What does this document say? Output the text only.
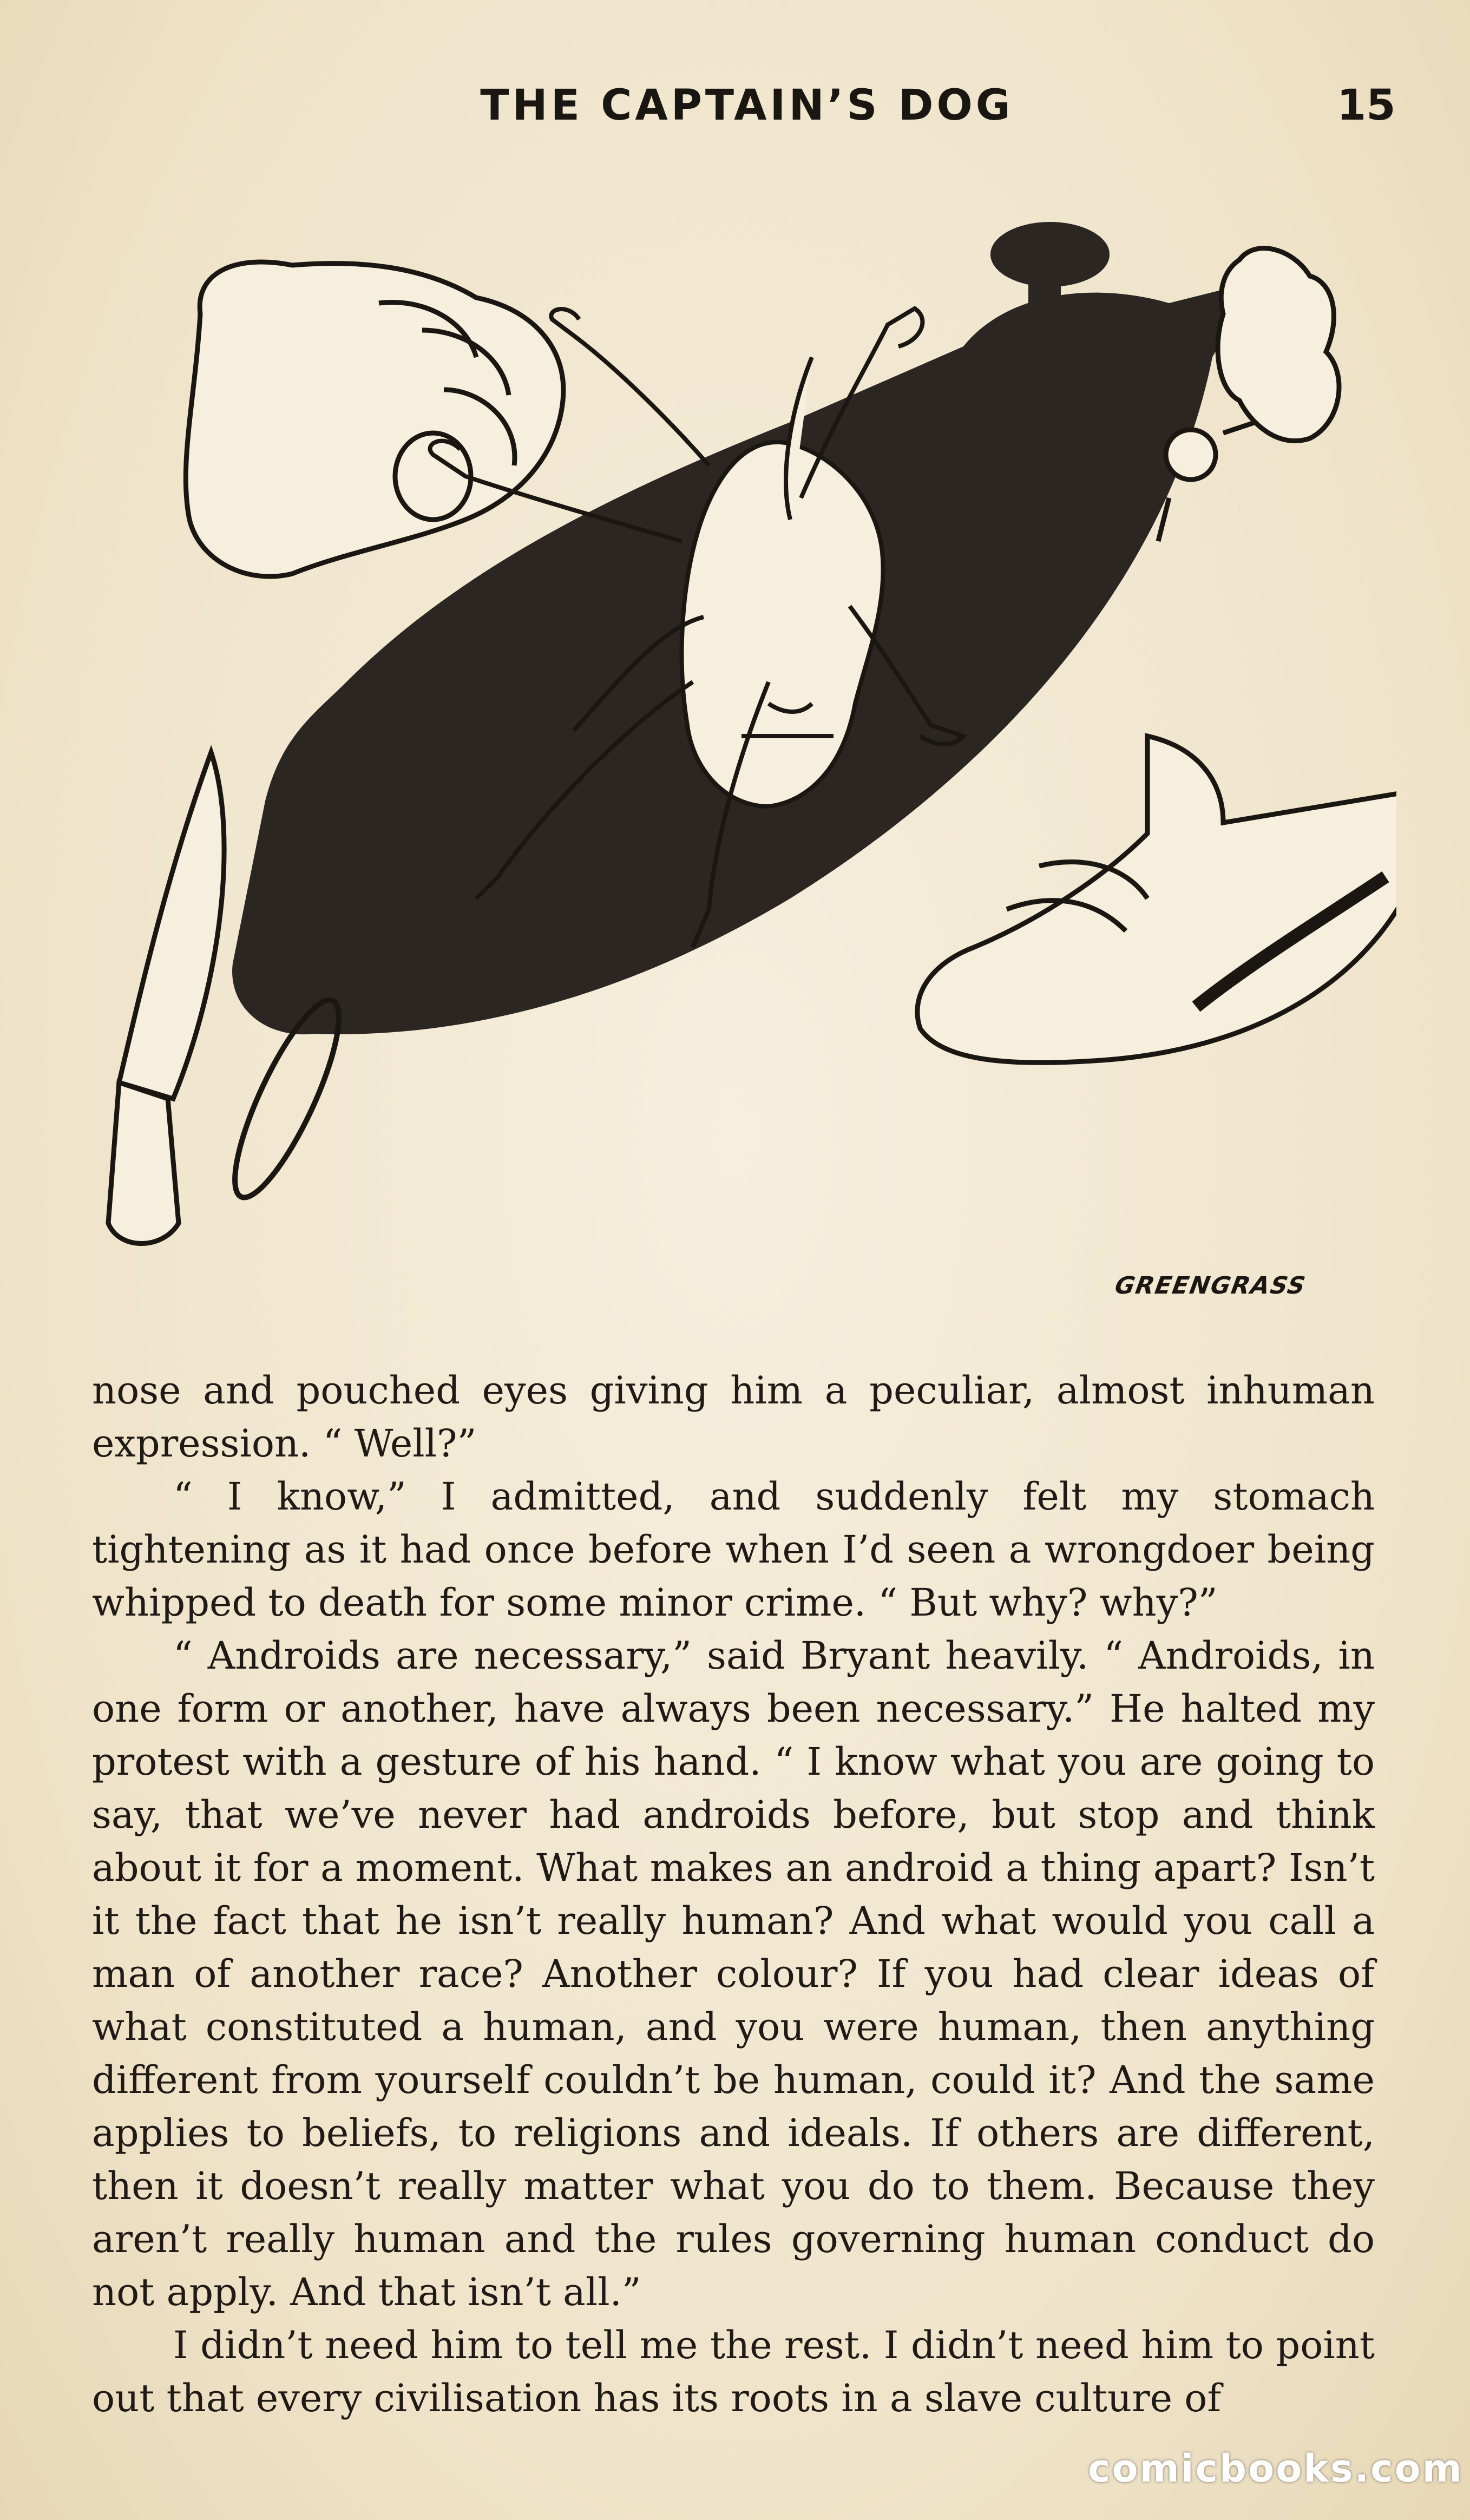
THE CAPTAIN’S DOG	15
GREENGRASS

nose and pouched eyes giving him a peculiar, almost inhuman expression. “ Well?”

“ I know,” I admitted, and suddenly felt my stomach tightening as it had once before when I’d seen a wrongdoer being whipped to death for some minor crime. “ But why? why?”

“ Androids are necessary,” said Bryant heavily. “ Androids, in one form or another, have always been necessary.” He halted my protest with a gesture of his hand. “ I know what you are going to say, that we’ve never had androids before, but stop and think about it for a moment. What makes an android a thing apart? Isn’t it the fact that he isn’t really human? And what would you call a man of another race? Another colour? If you had clear ideas of what constituted a human, and you were human, then anything different from yourself couldn’t be human, could it? And the same applies to beliefs, to religions and ideals. If others are different, then it doesn’t really matter what you do to them. Because they aren’t really human and the rules governing human conduct do not apply. And that isn’t all.”

I didn’t need him to tell me the rest. I didn’t need him to point out that every civilisation has its roots in a slave culture of

comicbooks.com
